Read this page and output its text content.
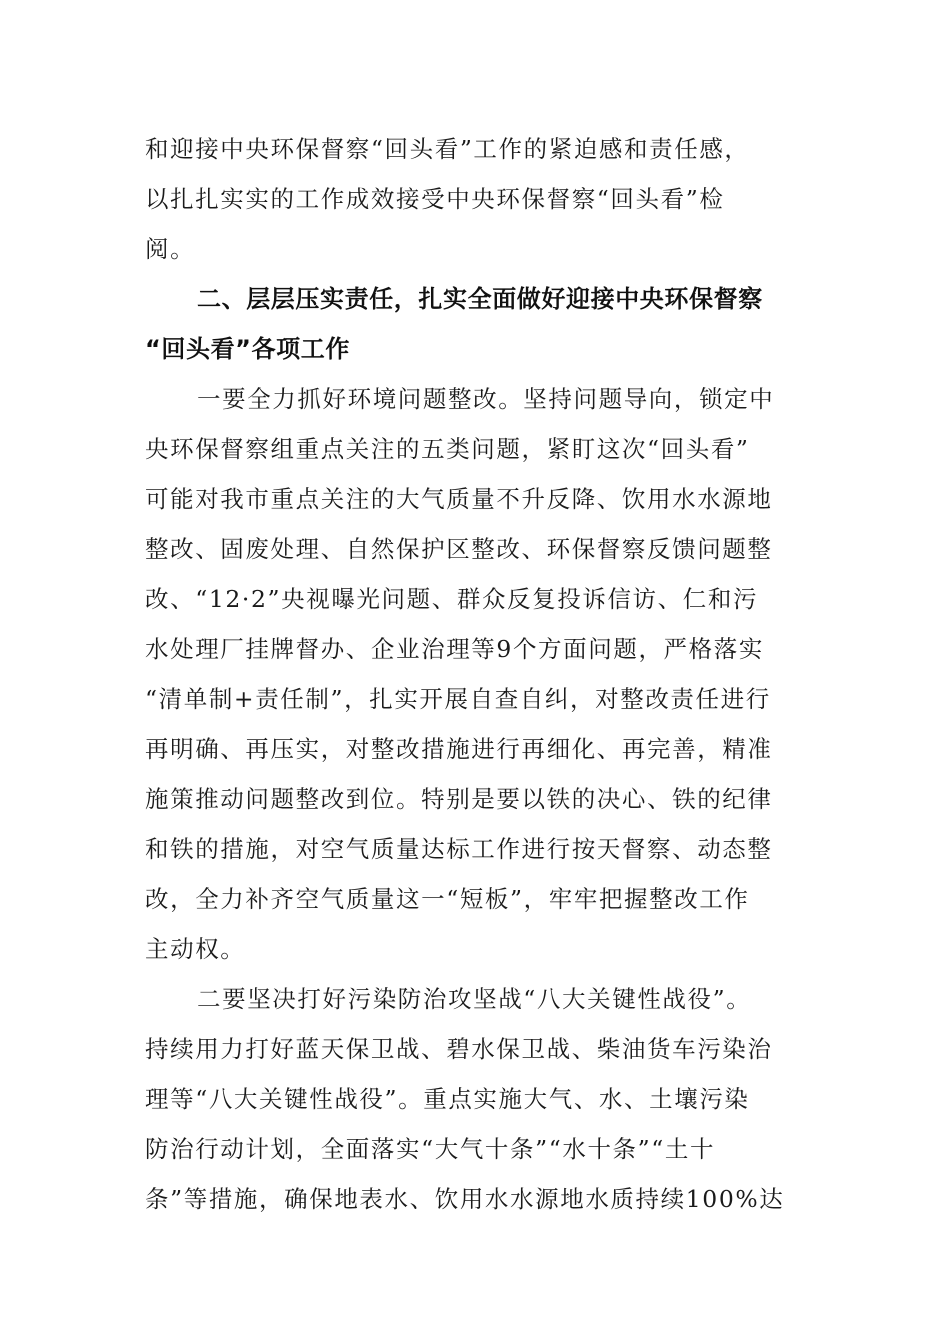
和迎接中央环保督察“回头看”工作的紧迫感和责任感，
以扎扎实实的工作成效接受中央环保督察“回头看”检
阅。
二、层层压实责任，扎实全面做好迎接中央环保督察
“回头看”各项工作
一要全力抓好环境问题整改。坚持问题导向，锁定中
央环保督察组重点关注的五类问题，紧盯这次“回头看”
可能对我市重点关注的大气质量不升反降、饮用水水源地
整改、固废处理、自然保护区整改、环保督察反馈问题整
改、“12·2”央视曝光问题、群众反复投诉信访、仁和污
水处理厂挂牌督办、企业治理等9个方面问题，严格落实
“清单制+责任制”，扎实开展自查自纠，对整改责任进行
再明确、再压实，对整改措施进行再细化、再完善，精准
施策推动问题整改到位。特别是要以铁的决心、铁的纪律
和铁的措施，对空气质量达标工作进行按天督察、动态整
改，全力补齐空气质量这一“短板”，牢牢把握整改工作
主动权。
二要坚决打好污染防治攻坚战“八大关键性战役”。
持续用力打好蓝天保卫战、碧水保卫战、柴油货车污染治
理等“八大关键性战役”。重点实施大气、水、土壤污染
防治行动计划，全面落实“大气十条”“水十条”“土十
条”等措施，确保地表水、饮用水水源地水质持续100%达
